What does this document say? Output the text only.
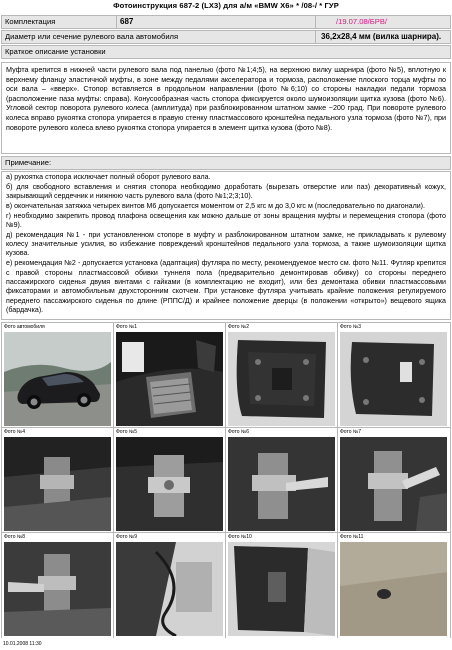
Фотоинструкция 687-2 (LX3) для а/м «BMW X6» * /08-/ * ГУР
Комплектация	687	/19.07.08/БРВ/
Диаметр или сечение рулевого вала автомобиля	36,2х28,4 мм (вилка шарнира).
Краткое описание установки

Муфта крепится в нижней части рулевого вала под панелью (фото №1;4;5), на верхнюю вилку шарнира (фото №5), вплотную к верхнему фланцу эластичной муфты, в зоне между педалями акселератора и тормоза, расположение плоского торца муфты по оси вала – «вверх». Стопор вставляется в продольном направлении (фото №6;10) со стороны накладки педали тормоза (расположение паза муфты: справа). Конусообразная часть стопора фиксируется около шумоизоляции щитка кузова (фото №6). Угловой сектор поворота рулевого колеса (амплитуда) при разблокированном штатном замке ~200 град. При повороте рулевого колеса вправо рукоятка стопора упирается в правую стенку пластмассового кронштейна педального узла тормоза (фото №7), при повороте рулевого колеса влево рукоятка стопора упирается в элемент щитка кузова (фото №8).

Примечание:

а) рукоятка стопора исключает полный оборот рулевого вала.

б) для свободного вставления и снятия стопора необходимо доработать (вырезать отверстие или паз) декоративный кожух, закрывающий сердечник и нижнюю часть рулевого вала (фото №1;2;3;10).

в) окончательная затяжка четырех винтов М6 допускается моментом от 2,5 кгс м до 3,0 кгс м (последовательно по диагонали).

г) необходимо закрепить провод плафона освещения как можно дальше от зоны вращения муфты и перемещения стопора (фото №9).

д) рекомендация №1 - при установленном стопоре в муфту и разблокированном штатном замке, не прикладывать к рулевому колесу значительные усилия, во избежание повреждений кронштейнов педального узла тормоза, а также шумоизоляции щитка кузова.

е) рекомендация №2 - допускается установка (адаптация) футляра по месту, рекомендуемое место см. фото №11. Футляр крепится с правой стороны пластмассовой обивки туннеля пола (предварительно демонтировав обивку) со стороны переднего пассажирского сиденья двумя винтами с гайками (в комплектацию не входит), или без демонтажа обивки пластмассовыми фиксаторами и автомобильным двухсторонним скотчем. При установке футляра учитывать крайние положения регулируемого переднего пассажирского сиденья по длине (РППС/Д) и крайнее положение дверцы (в положении «открыто») вещевого ящика (бардачка).

Фото автомобиля	Фото №1	Фото №2	Фото №3
Фото №4	Фото №5	Фото №6	Фото №7
Фото №8	Фото №9	Фото №10	Фото №11
10.01.2008 11:30
